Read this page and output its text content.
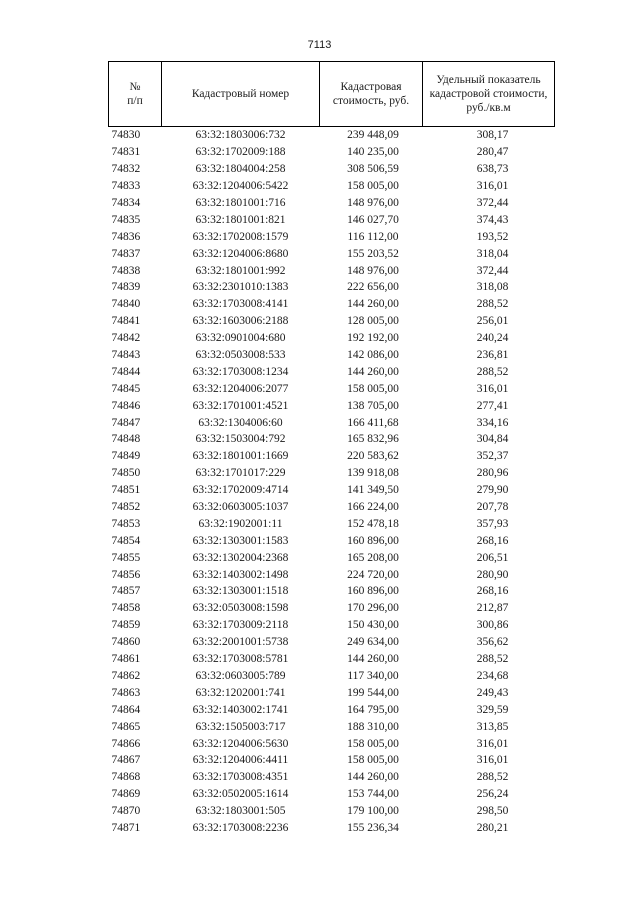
7113
№
п/п	Кадастровый номер	Кадастровая стоимость, руб.	Удельный показатель кадастровой стоимости, руб./кв.м
74830	63:32:1803006:732	239 448,09	308,17
74831	63:32:1702009:188	140 235,00	280,47
74832	63:32:1804004:258	308 506,59	638,73
74833	63:32:1204006:5422	158 005,00	316,01
74834	63:32:1801001:716	148 976,00	372,44
74835	63:32:1801001:821	146 027,70	374,43
74836	63:32:1702008:1579	116 112,00	193,52
74837	63:32:1204006:8680	155 203,52	318,04
74838	63:32:1801001:992	148 976,00	372,44
74839	63:32:2301010:1383	222 656,00	318,08
74840	63:32:1703008:4141	144 260,00	288,52
74841	63:32:1603006:2188	128 005,00	256,01
74842	63:32:0901004:680	192 192,00	240,24
74843	63:32:0503008:533	142 086,00	236,81
74844	63:32:1703008:1234	144 260,00	288,52
74845	63:32:1204006:2077	158 005,00	316,01
74846	63:32:1701001:4521	138 705,00	277,41
74847	63:32:1304006:60	166 411,68	334,16
74848	63:32:1503004:792	165 832,96	304,84
74849	63:32:1801001:1669	220 583,62	352,37
74850	63:32:1701017:229	139 918,08	280,96
74851	63:32:1702009:4714	141 349,50	279,90
74852	63:32:0603005:1037	166 224,00	207,78
74853	63:32:1902001:11	152 478,18	357,93
74854	63:32:1303001:1583	160 896,00	268,16
74855	63:32:1302004:2368	165 208,00	206,51
74856	63:32:1403002:1498	224 720,00	280,90
74857	63:32:1303001:1518	160 896,00	268,16
74858	63:32:0503008:1598	170 296,00	212,87
74859	63:32:1703009:2118	150 430,00	300,86
74860	63:32:2001001:5738	249 634,00	356,62
74861	63:32:1703008:5781	144 260,00	288,52
74862	63:32:0603005:789	117 340,00	234,68
74863	63:32:1202001:741	199 544,00	249,43
74864	63:32:1403002:1741	164 795,00	329,59
74865	63:32:1505003:717	188 310,00	313,85
74866	63:32:1204006:5630	158 005,00	316,01
74867	63:32:1204006:4411	158 005,00	316,01
74868	63:32:1703008:4351	144 260,00	288,52
74869	63:32:0502005:1614	153 744,00	256,24
74870	63:32:1803001:505	179 100,00	298,50
74871	63:32:1703008:2236	155 236,34	280,21
